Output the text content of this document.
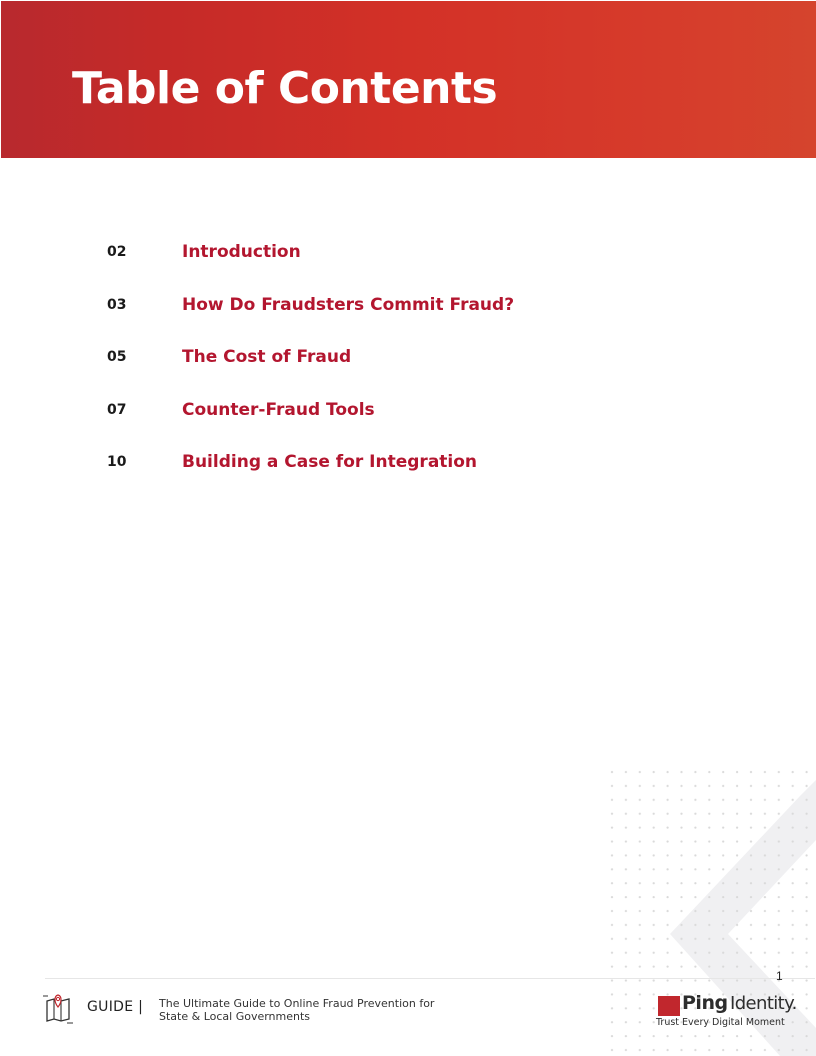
Table of Contents
02	Introduction
03	How Do Fraudsters Commit Fraud?
05	The Cost of Fraud
07	Counter-Fraud Tools
10	Building a Case for Integration
1
GUIDE | The Ultimate Guide to Online Fraud Prevention for
State & Local Governments
Ping Identity.
Trust Every Digital Moment
